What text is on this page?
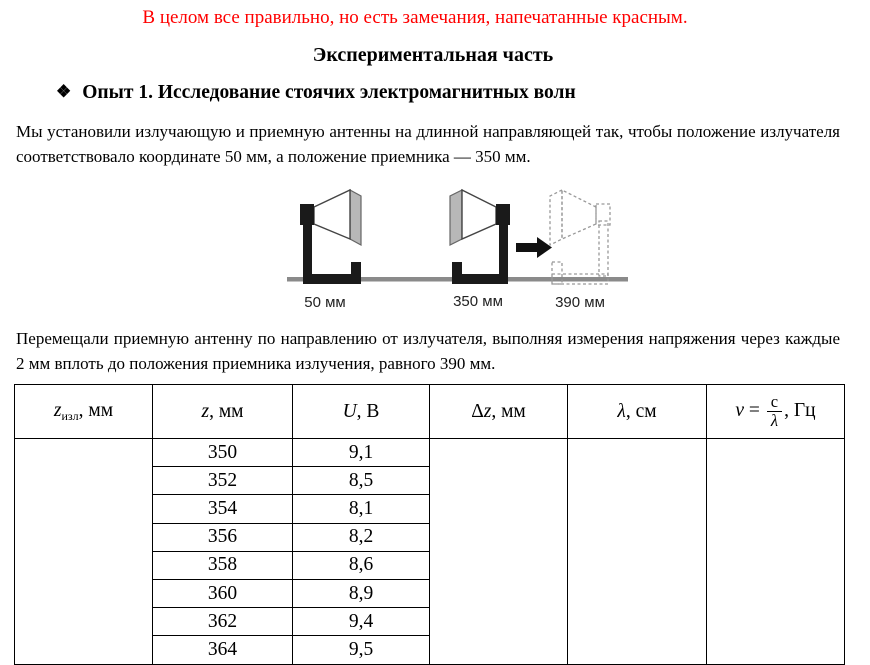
В целом все правильно, но есть замечания, напечатанные красным.
Экспериментальная часть
❖ Опыт 1. Исследование стоячих электромагнитных волн

Мы установили излучающую и приемную антенны на длинной направляющей так, чтобы положение излучателя соответствовало координате 50 мм, а положение приемника — 350 мм.

50 мм	350 мм	390 мм

Перемещали приемную антенну по направлению от излучателя, выполняя измерения напряжения через каждые 2 мм вплоть до положения приемника излучения, равного 390 мм.

$z_{изл}$, мм	z, мм	U, В	Δz, мм	λ, см	$\nu = \frac{c}{\lambda}$ , Гц
	350	9,1			
	352	8,5			
	354	8,1			
	356	8,2			
	358	8,6			
	360	8,9			
	362	9,4			
	364	9,5			
